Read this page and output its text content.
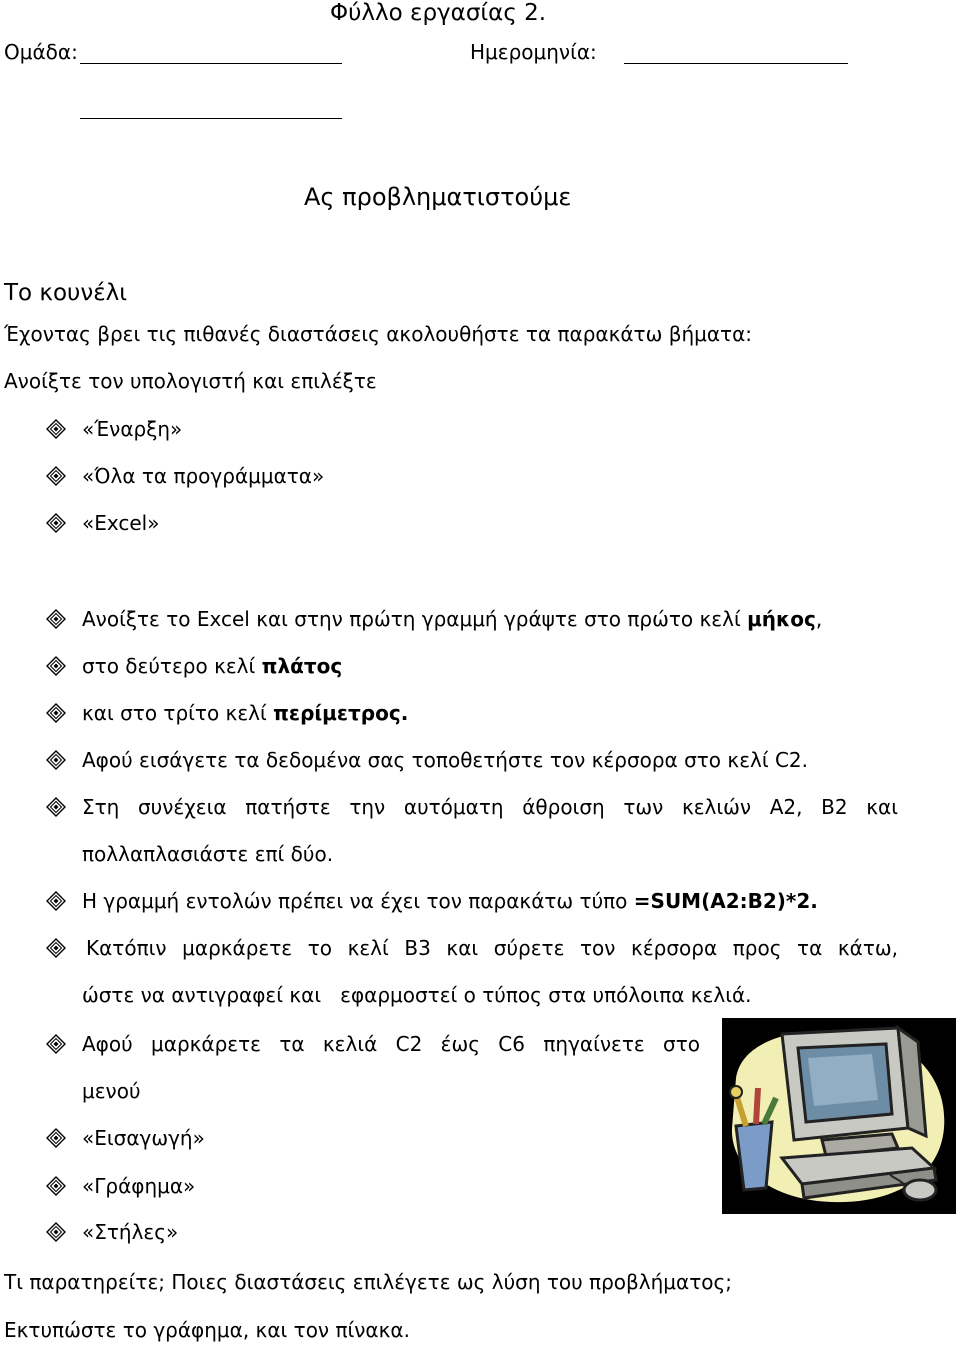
Φύλλο εργασίας 2.
Ομάδα:	Ημερομηνία:
Ας προβληματιστούμε
Το κουνέλι
Έχοντας βρει τις πιθανές διαστάσεις ακολουθήστε τα παρακάτω βήματα:
Ανοίξτε τον υπολογιστή και επιλέξτε
«Έναρξη»
«Όλα τα προγράμματα»
«Excel»
Ανοίξτε το Excel και στην πρώτη γραμμή γράψτε στο πρώτο κελί μήκος,
στο δεύτερο κελί πλάτος
και στο τρίτο κελί περίμετρος.
Αφού εισάγετε τα δεδομένα σας τοποθετήστε τον κέρσορα στο κελί C2.
Στη συνέχεια πατήστε την αυτόματη άθροιση των κελιών A2, B2 και
πολλαπλασιάστε επί δύο.
Η γραμμή εντολών πρέπει να έχει τον παρακάτω τύπο =SUM(A2:B2)*2.
Κατόπιν μαρκάρετε το κελί B3 και σύρετε τον κέρσορα προς τα κάτω,
ώστε να αντιγραφεί και   εφαρμοστεί ο τύπος στα υπόλοιπα κελιά.
Αφού μαρκάρετε τα κελιά C2 έως C6 πηγαίνετε στο
μενού
«Εισαγωγή»
«Γράφημα»
«Στήλες»
Τι παρατηρείτε; Ποιες διαστάσεις επιλέγετε ως λύση του προβλήματος;
Εκτυπώστε το γράφημα, και τον πίνακα.
